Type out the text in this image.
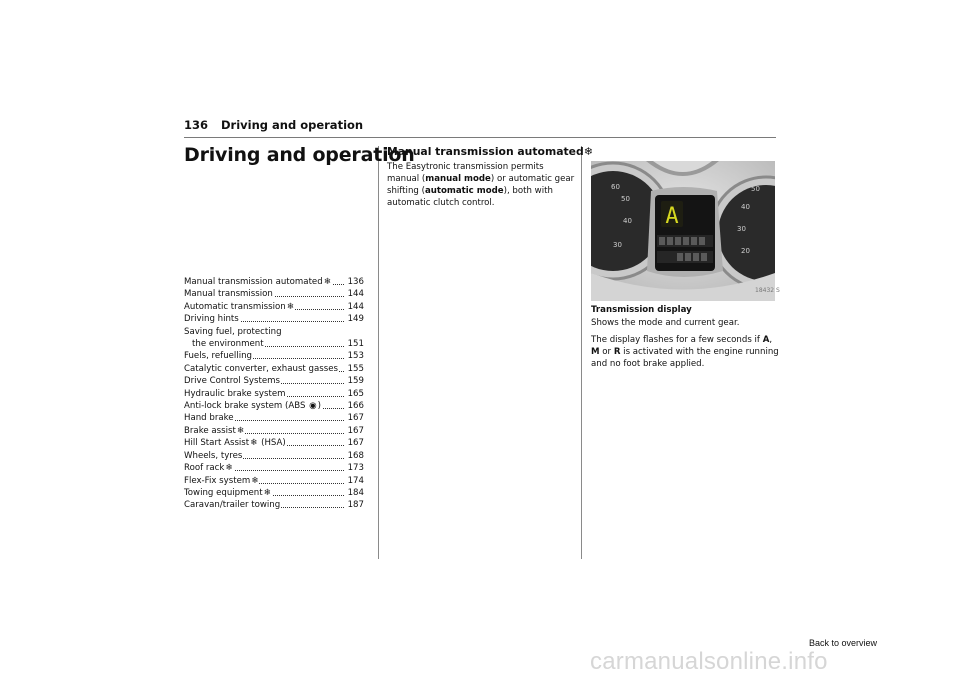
136 Driving and operation
Driving and operation
Manual transmission automated❄	136
Manual transmission	144
Automatic transmission❄	144
Driving hints	149
Saving fuel, protecting
the environment	151
Fuels, refuelling	153
Catalytic converter, exhaust gasses	155
Drive Control Systems	159
Hydraulic brake system	165
Anti-lock brake system (ABS ◉)	166
Hand brake	167
Brake assist❄	167
Hill Start Assist❄ (HSA)	167
Wheels, tyres	168
Roof rack❄	173
Flex-Fix system❄	174
Towing equipment❄	184
Caravan/trailer towing	187
Manual transmission automated❄

The Easytronic transmission permits manual (manual mode) or automatic gear shifting (automatic mode), both with automatic clutch control.

A
60
50
40
30
50
40
30
20
18432 S
Transmission display

Shows the mode and current gear.

The display flashes for a few seconds if A,
M or R is activated with the engine running and no foot brake applied.

Back to overview
carmanualsonline.info
